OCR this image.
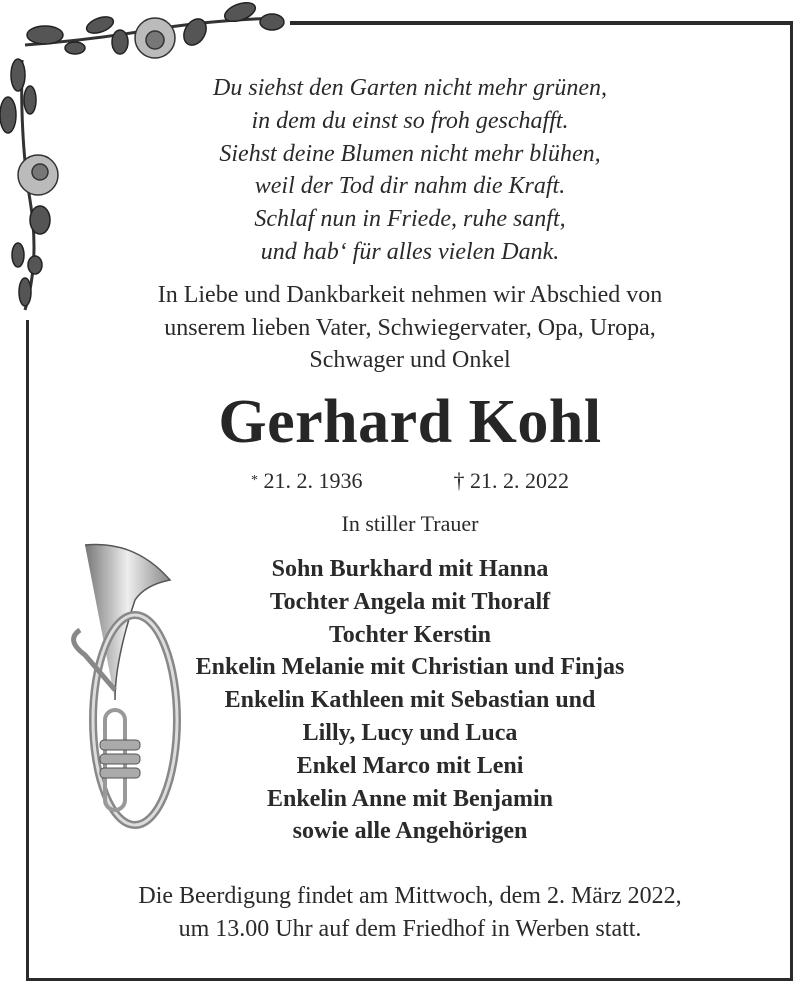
Du siehst den Garten nicht mehr grünen,
in dem du einst so froh geschafft.
Siehst deine Blumen nicht mehr blühen,
weil der Tod dir nahm die Kraft.
Schlaf nun in Friede, ruhe sanft,
und hab‘ für alles vielen Dank.
In Liebe und Dankbarkeit nehmen wir Abschied von
unserem lieben Vater, Schwiegervater, Opa, Uropa,
Schwager und Onkel
Gerhard Kohl
* 21. 2. 1936	† 21. 2. 2022
In stiller Trauer
Sohn Burkhard mit Hanna
Tochter Angela mit Thoralf
Tochter Kerstin
Enkelin Melanie mit Christian und Finjas
Enkelin Kathleen mit Sebastian und
Lilly, Lucy und Luca
Enkel Marco mit Leni
Enkelin Anne mit Benjamin
sowie alle Angehörigen
Die Beerdigung findet am Mittwoch, dem 2. März 2022,
um 13.00 Uhr auf dem Friedhof in Werben statt.
